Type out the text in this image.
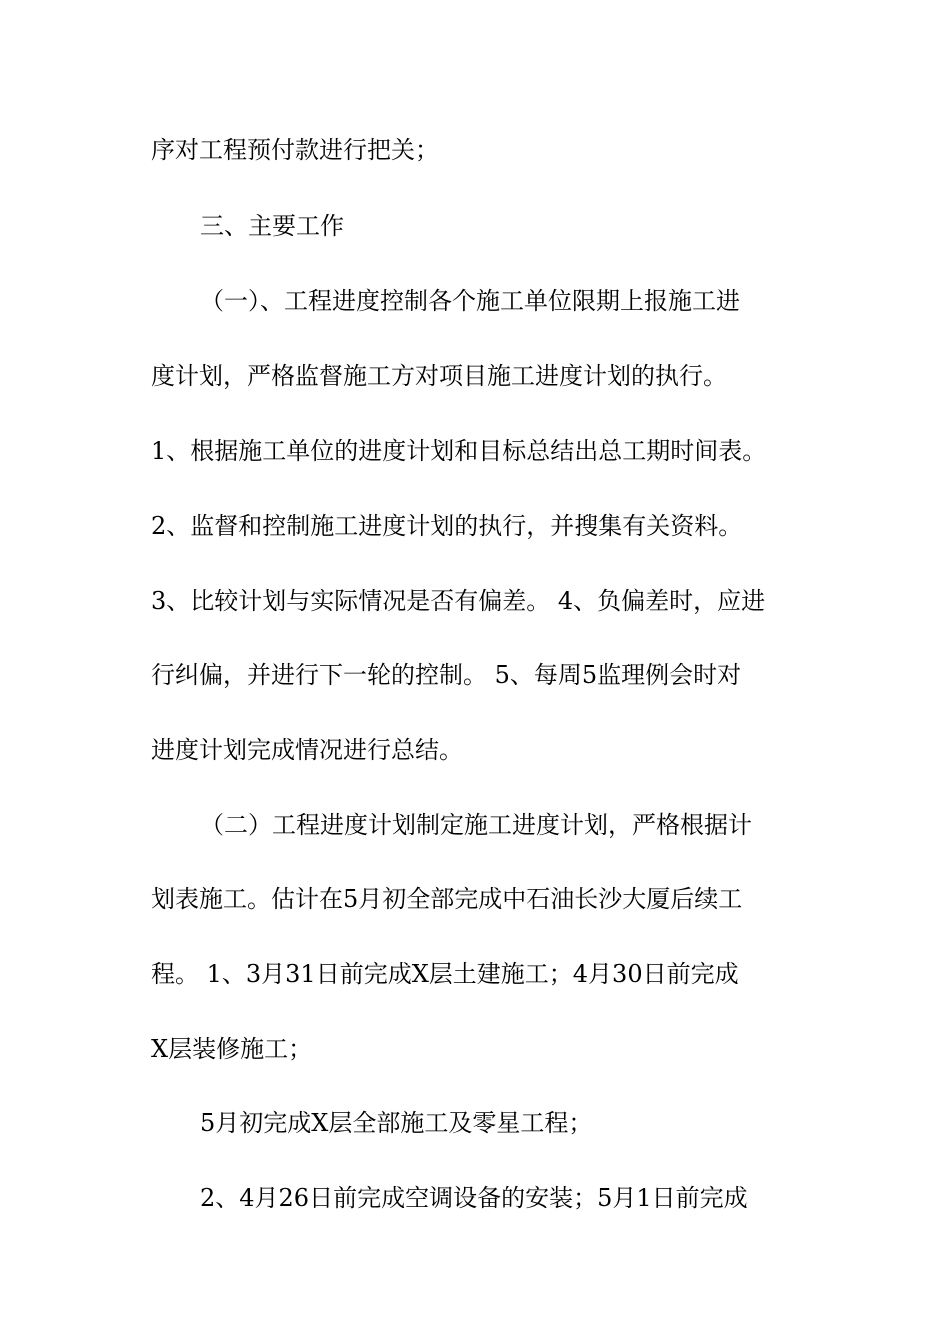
序对工程预付款进行把关；
三、主要工作
（一）、工程进度控制各个施工单位限期上报施工进
度计划，严格监督施工方对项目施工进度计划的执行。
1、根据施工单位的进度计划和目标总结出总工期时间表。
2、监督和控制施工进度计划的执行，并搜集有关资料。
3、比较计划与实际情况是否有偏差。 4、负偏差时，应进
行纠偏，并进行下一轮的控制。 5、每周5监理例会时对
进度计划完成情况进行总结。
（二）工程进度计划制定施工进度计划，严格根据计
划表施工。估计在5月初全部完成中石油长沙大厦后续工
程。 1、3月31日前完成X层土建施工；4月30日前完成
X层装修施工；
5月初完成X层全部施工及零星工程；
2、4月26日前完成空调设备的安装；5月1日前完成
